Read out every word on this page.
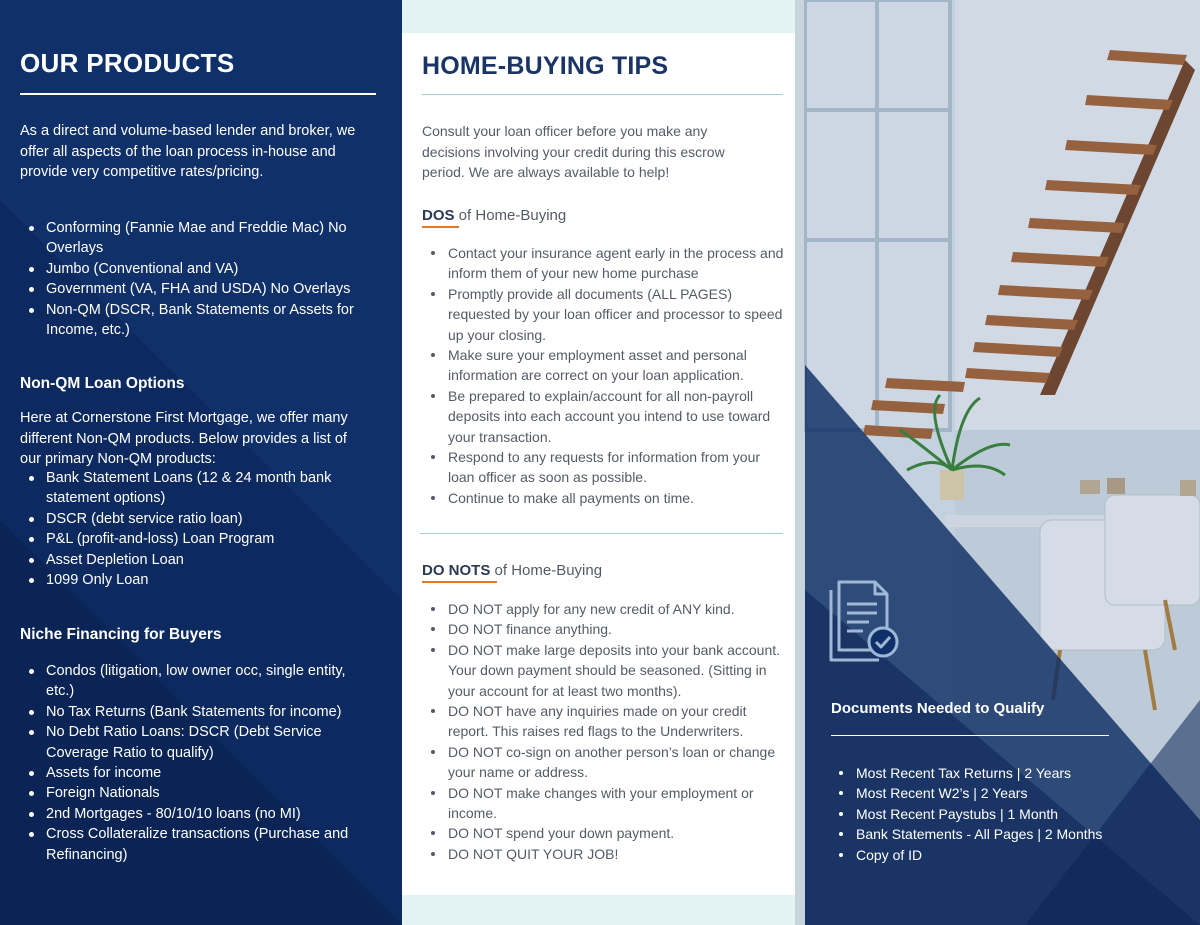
OUR PRODUCTS
As a direct and volume-based lender and broker, we offer all aspects of the loan process in-house and provide very competitive rates/pricing.
Conforming (Fannie Mae and Freddie Mac) No Overlays
Jumbo (Conventional and VA)
Government (VA, FHA and USDA) No Overlays
Non-QM (DSCR, Bank Statements or Assets for Income, etc.)
Non-QM Loan Options
Here at Cornerstone First Mortgage, we offer many different Non-QM products. Below provides a list of our primary Non-QM products:
Bank Statement Loans (12 & 24 month bank statement options)
DSCR (debt service ratio loan)
P&L (profit-and-loss) Loan Program
Asset Depletion Loan
1099 Only Loan
Niche Financing for Buyers
Condos (litigation, low owner occ, single entity, etc.)
No Tax Returns (Bank Statements for income)
No Debt Ratio Loans: DSCR (Debt Service Coverage Ratio to qualify)
Assets for income
Foreign Nationals
2nd Mortgages - 80/10/10 loans (no MI)
Cross Collateralize transactions (Purchase and Refinancing)
HOME-BUYING TIPS
Consult your loan officer before you make any decisions involving your credit during this escrow period. We are always available to help!
DOS of Home-Buying
Contact your insurance agent early in the process and inform them of your new home purchase
Promptly provide all documents (ALL PAGES) requested by your loan officer and processor to speed up your closing.
Make sure your employment asset and personal information are correct on your loan application.
Be prepared to explain/account for all non-payroll deposits into each account you intend to use toward your transaction.
Respond to any requests for information from your loan officer as soon as possible.
Continue to make all payments on time.
DO NOTS of Home-Buying
DO NOT apply for any new credit of ANY kind.
DO NOT finance anything.
DO NOT make large deposits into your bank account. Your down payment should be seasoned. (Sitting in your account for at least two months).
DO NOT have any inquiries made on your credit report. This raises red flags to the Underwriters.
DO NOT co-sign on another person’s loan or change your name or address.
DO NOT make changes with your employment or income.
DO NOT spend your down payment.
DO NOT QUIT YOUR JOB!
Documents Needed to Qualify
Most Recent Tax Returns | 2 Years
Most Recent W2’s | 2 Years
Most Recent Paystubs | 1 Month
Bank Statements - All Pages | 2 Months
Copy of ID
